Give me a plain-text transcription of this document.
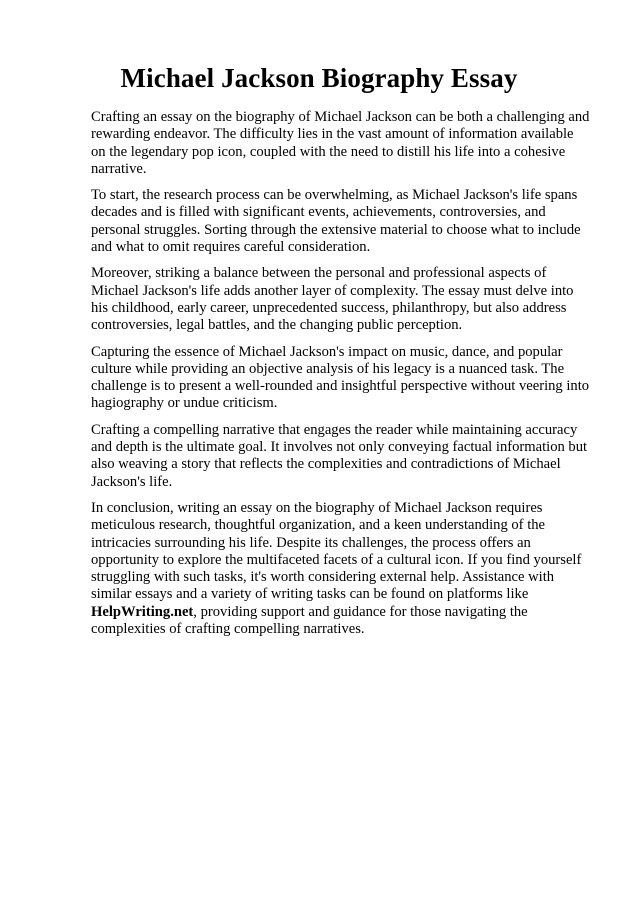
Michael Jackson Biography Essay

Crafting an essay on the biography of Michael Jackson can be both a challenging and rewarding endeavor. The difficulty lies in the vast amount of information available on the legendary pop icon, coupled with the need to distill his life into a cohesive narrative.

To start, the research process can be overwhelming, as Michael Jackson's life spans decades and is filled with significant events, achievements, controversies, and personal struggles. Sorting through the extensive material to choose what to include and what to omit requires careful consideration.

Moreover, striking a balance between the personal and professional aspects of Michael Jackson's life adds another layer of complexity. The essay must delve into his childhood, early career, unprecedented success, philanthropy, but also address controversies, legal battles, and the changing public perception.

Capturing the essence of Michael Jackson's impact on music, dance, and popular culture while providing an objective analysis of his legacy is a nuanced task. The challenge is to present a well-rounded and insightful perspective without veering into hagiography or undue criticism.

Crafting a compelling narrative that engages the reader while maintaining accuracy and depth is the ultimate goal. It involves not only conveying factual information but also weaving a story that reflects the complexities and contradictions of Michael Jackson's life.

In conclusion, writing an essay on the biography of Michael Jackson requires meticulous research, thoughtful organization, and a keen understanding of the intricacies surrounding his life. Despite its challenges, the process offers an opportunity to explore the multifaceted facets of a cultural icon. If you find yourself struggling with such tasks, it's worth considering external help. Assistance with similar essays and a variety of writing tasks can be found on platforms like HelpWriting.net, providing support and guidance for those navigating the complexities of crafting compelling narratives.
